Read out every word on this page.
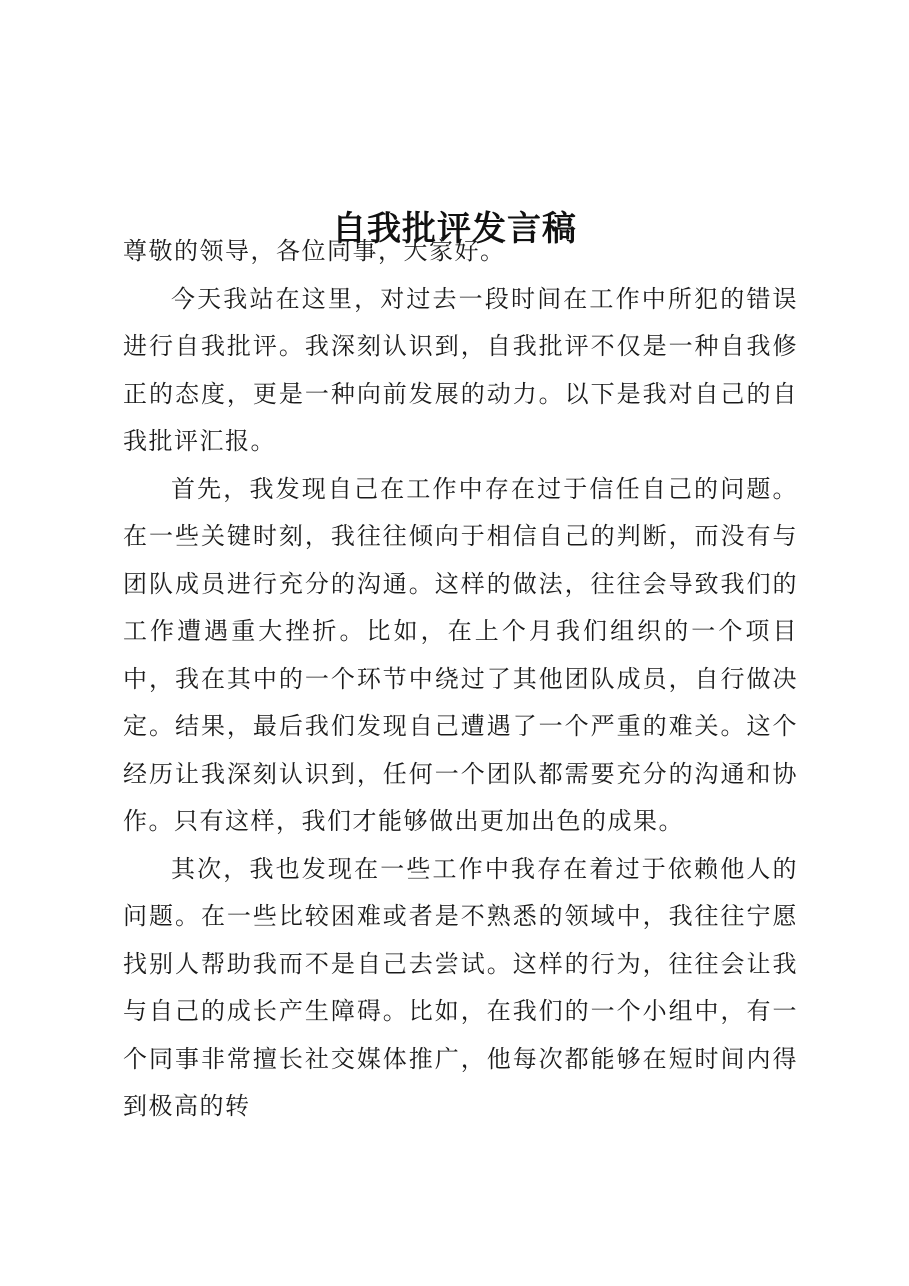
自我批评发言稿

尊敬的领导，各位同事，大家好。

今天我站在这里，对过去一段时间在工作中所犯的错误进行自我批评。我深刻认识到，自我批评不仅是一种自我修正的态度，更是一种向前发展的动力。以下是我对自己的自我批评汇报。

首先，我发现自己在工作中存在过于信任自己的问题。在一些关键时刻，我往往倾向于相信自己的判断，而没有与团队成员进行充分的沟通。这样的做法，往往会导致我们的工作遭遇重大挫折。比如，在上个月我们组织的一个项目中，我在其中的一个环节中绕过了其他团队成员，自行做决定。结果，最后我们发现自己遭遇了一个严重的难关。这个经历让我深刻认识到，任何一个团队都需要充分的沟通和协作。只有这样，我们才能够做出更加出色的成果。

其次，我也发现在一些工作中我存在着过于依赖他人的问题。在一些比较困难或者是不熟悉的领域中，我往往宁愿找别人帮助我而不是自己去尝试。这样的行为，往往会让我与自己的成长产生障碍。比如，在我们的一个小组中，有一个同事非常擅长社交媒体推广，他每次都能够在短时间内得到极高的转
